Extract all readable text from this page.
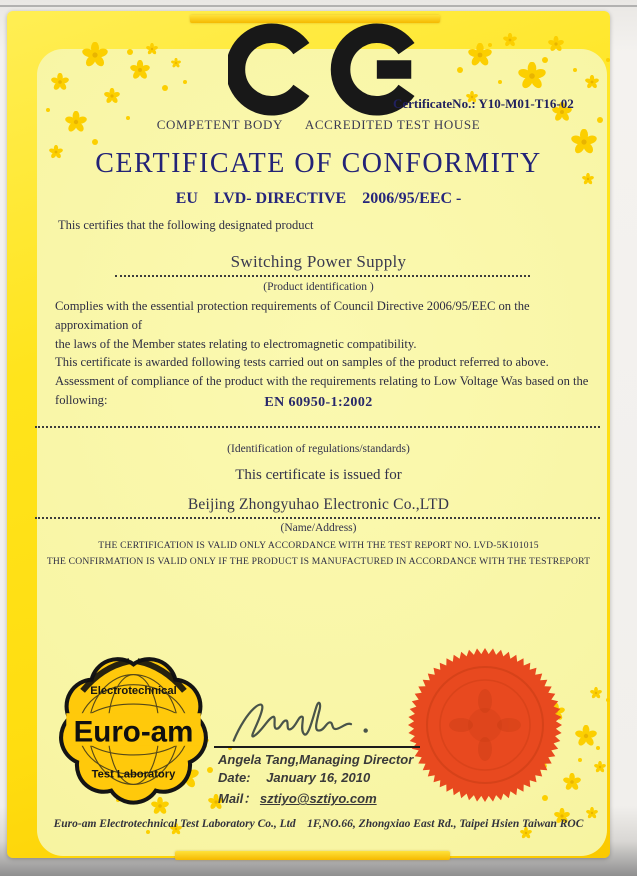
CertificateNo.: Y10-M01-T16-02
COMPETENT BODY      ACCREDITED TEST HOUSE
CERTIFICATE OF CONFORMITY
EU    LVD- DIRECTIVE    2006/95/EEC -
This certifies that the following designated product
Switching Power Supply
(Product identification )
Complies with the essential protection requirements of Council Directive 2006/95/EEC on the approximation of
the laws of the Member states relating to electromagnetic compatibility.
This certificate is awarded following tests carried out on samples of the product referred to above.
Assessment of compliance of the product with the requirements relating to Low Voltage Was based on the
following:	EN 60950-1:2002
(Identification of regulations/standards)
This certificate is issued for
Beijing Zhongyuhao Electronic Co.,LTD
(Name/Address)
THE CERTIFICATION IS VALID ONLY ACCORDANCE WITH THE TEST REPORT NO. LVD-5K101015
THE CONFIRMATION IS VALID ONLY IF THE PRODUCT IS MANUFACTURED IN ACCORDANCE WITH THE TESTREPORT
Electrotechnical
Euro-am
Test Laboratory
Angela Tang,Managing Director
Date: January 16, 2010
Mail： sztiyo@sztiyo.com
Euro-am Electrotechnical Test Laboratory Co., Ltd    1F,NO.66, Zhongxiao East Rd., Taipei Hsien Taiwan ROC
